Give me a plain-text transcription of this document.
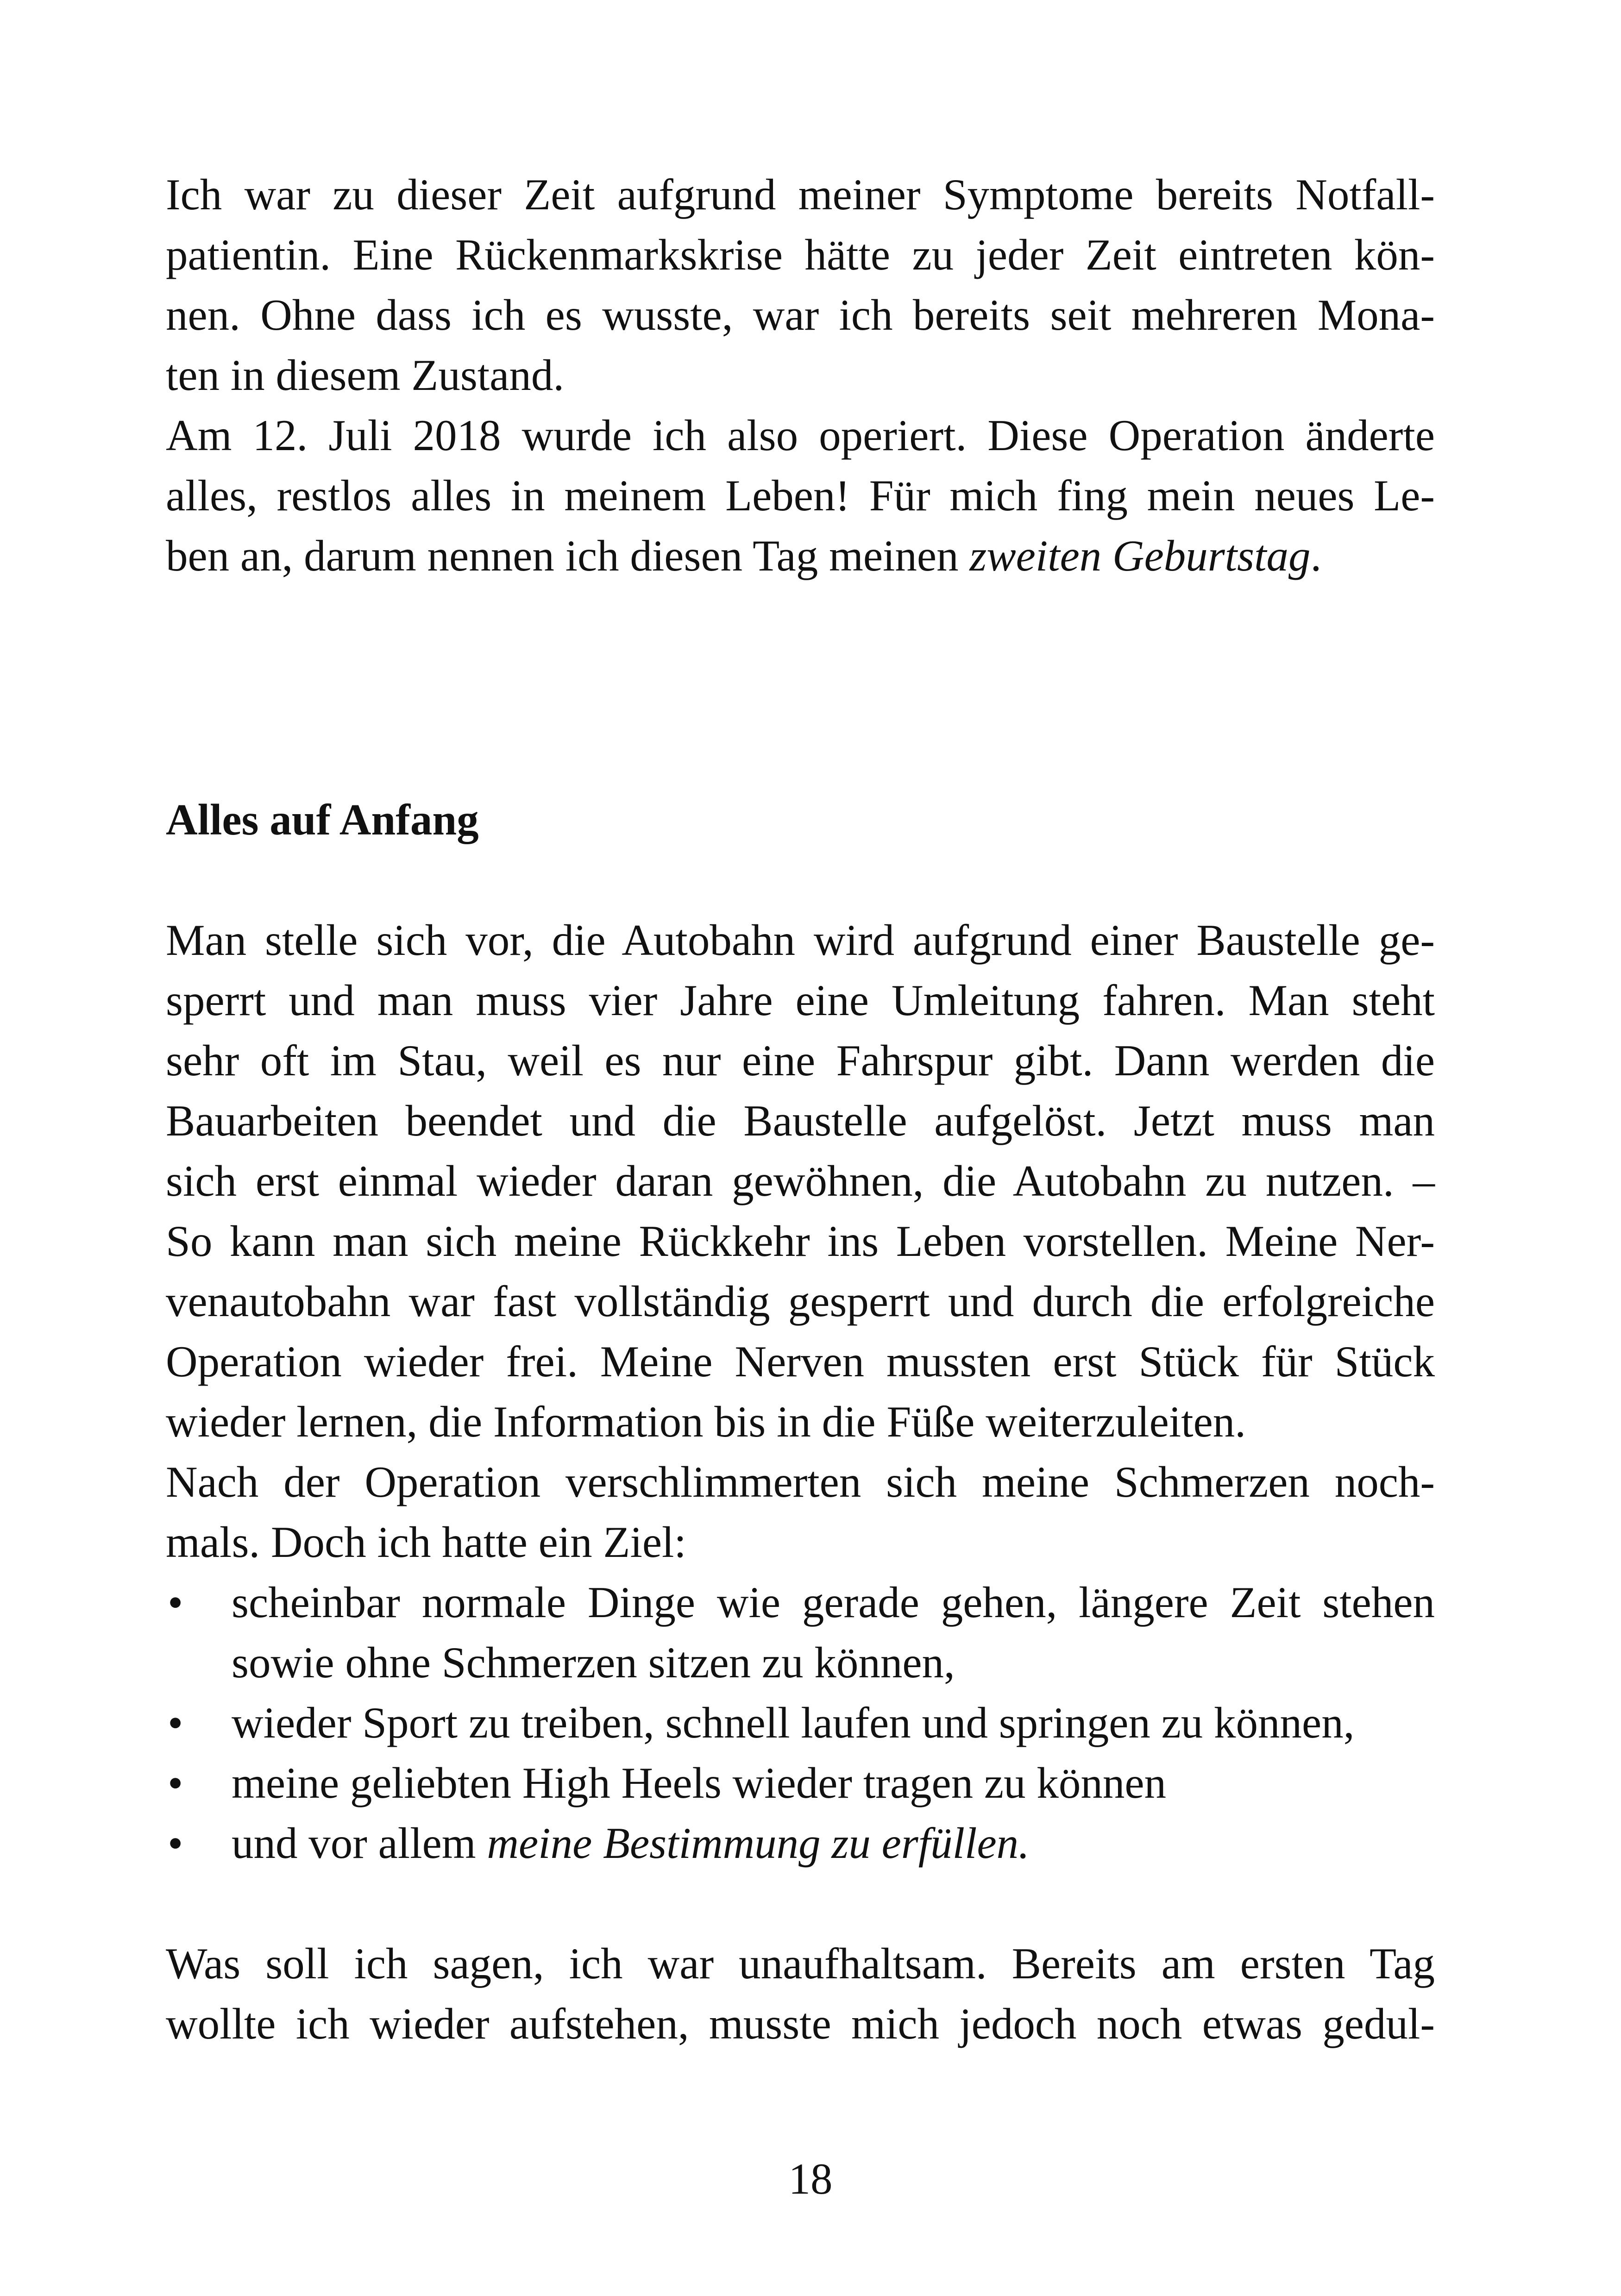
Ich war zu dieser Zeit aufgrund meiner Symptome bereits Notfall-
patientin. Eine Rückenmarkskrise hätte zu jeder Zeit eintreten kön-
nen. Ohne dass ich es wusste, war ich bereits seit mehreren Mona-
ten in diesem Zustand.
Am 12. Juli 2018 wurde ich also operiert. Diese Operation änderte
alles, restlos alles in meinem Leben! Für mich fing mein neues Le-
ben an, darum nennen ich diesen Tag meinen zweiten Geburtstag.
Alles auf Anfang
Man stelle sich vor, die Autobahn wird aufgrund einer Baustelle ge-
sperrt und man muss vier Jahre eine Umleitung fahren. Man steht
sehr oft im Stau, weil es nur eine Fahrspur gibt. Dann werden die
Bauarbeiten beendet und die Baustelle aufgelöst. Jetzt muss man
sich erst einmal wieder daran gewöhnen, die Autobahn zu nutzen. –
So kann man sich meine Rückkehr ins Leben vorstellen. Meine Ner-
venautobahn war fast vollständig gesperrt und durch die erfolgreiche
Operation wieder frei. Meine Nerven mussten erst Stück für Stück
wieder lernen, die Information bis in die Füße weiterzuleiten.
Nach der Operation verschlimmerten sich meine Schmerzen noch-
mals. Doch ich hatte ein Ziel:
• scheinbar normale Dinge wie gerade gehen, längere Zeit stehen
sowie ohne Schmerzen sitzen zu können,
• wieder Sport zu treiben, schnell laufen und springen zu können,
• meine geliebten High Heels wieder tragen zu können
• und vor allem meine Bestimmung zu erfüllen.
Was soll ich sagen, ich war unaufhaltsam. Bereits am ersten Tag
wollte ich wieder aufstehen, musste mich jedoch noch etwas gedul-
18
